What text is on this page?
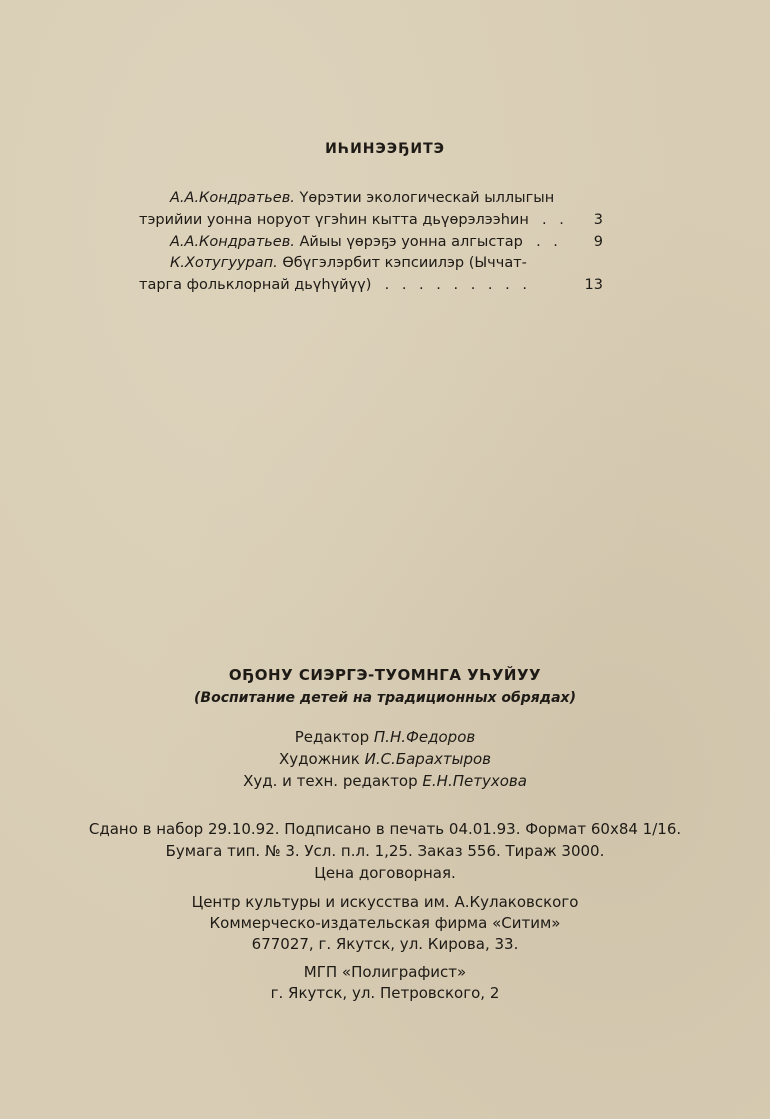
ИҺИНЭЭҔИТЭ
А.А.Кондратьев. Үөрэтии экологическай ыллыгын
тэрийии уоннa норуот үгэһин кытта дьүөрэлээһин  . .	3
А.А.Кондратьев. Айыы үөрэҕэ уоннa алгыстар  . .	9
К.Хотугуурап. Өбүгэлэрбит кэпсиилэр (Ыччат-
тарга фольклорнай дьүһүйүү)  . . . . . . . . .	13
ОҔОНУ СИЭРГЭ-ТУОМНГА УҺУЙУУ
(Воспитание детей на традиционных обрядах)
Редактор П.Н.Федоров
Художник И.С.Барахтыров
Худ. и техн. редактор Е.Н.Петухова
Сдано в набор 29.10.92. Подписано в печать 04.01.93. Формат 60х84 1/16.
Бумага тип. № 3. Усл. п.л. 1,25. Заказ 556. Тираж 3000.
Цена договорная.
Центр культуры и искусства им. А.Кулаковского
Коммерческо-издательская фирма «Ситим»
677027, г. Якутск, ул. Кирова, 33.
МГП «Полиграфист»
г. Якутск, ул. Петровского, 2
